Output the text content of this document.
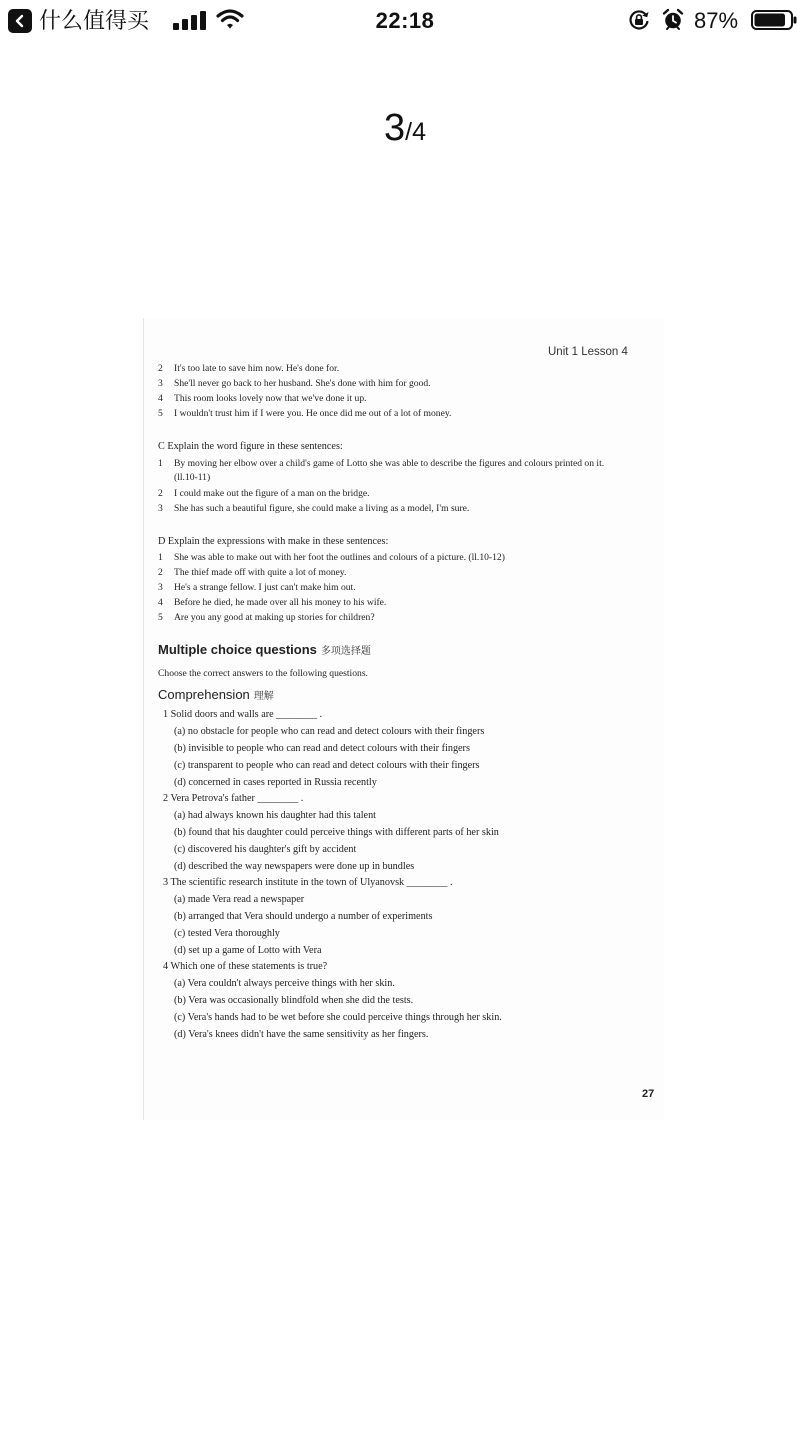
什么值得买	22:18	87%
3/4
Unit 1 Lesson 4
2 It's too late to save him now. He's done for.
3 She'll never go back to her husband. She's done with him for good.
4 This room looks lovely now that we've done it up.
5 I wouldn't trust him if I were you. He once did me out of a lot of money.
C Explain the word figure in these sentences:
1 By moving her elbow over a child's game of Lotto she was able to describe the figures and colours printed on it.
(ll.10-11)
2 I could make out the figure of a man on the bridge.
3 She has such a beautiful figure, she could make a living as a model, I'm sure.
D Explain the expressions with make in these sentences:
1 She was able to make out with her foot the outlines and colours of a picture. (ll.10-12)
2 The thief made off with quite a lot of money.
3 He's a strange fellow. I just can't make him out.
4 Before he died, he made over all his money to his wife.
5 Are you any good at making up stories for children?
Multiple choice questions 多项选择题
Choose the correct answers to the following questions.
Comprehension 理解
1 Solid doors and walls are ________ .
(a) no obstacle for people who can read and detect colours with their fingers
(b) invisible to people who can read and detect colours with their fingers
(c) transparent to people who can read and detect colours with their fingers
(d) concerned in cases reported in Russia recently
2 Vera Petrova's father ________ .
(a) had always known his daughter had this talent
(b) found that his daughter could perceive things with different parts of her skin
(c) discovered his daughter's gift by accident
(d) described the way newspapers were done up in bundles
3 The scientific research institute in the town of Ulyanovsk ________ .
(a) made Vera read a newspaper
(b) arranged that Vera should undergo a number of experiments
(c) tested Vera thoroughly
(d) set up a game of Lotto with Vera
4 Which one of these statements is true?
(a) Vera couldn't always perceive things with her skin.
(b) Vera was occasionally blindfold when she did the tests.
(c) Vera's hands had to be wet before she could perceive things through her skin.
(d) Vera's knees didn't have the same sensitivity as her fingers.
27
